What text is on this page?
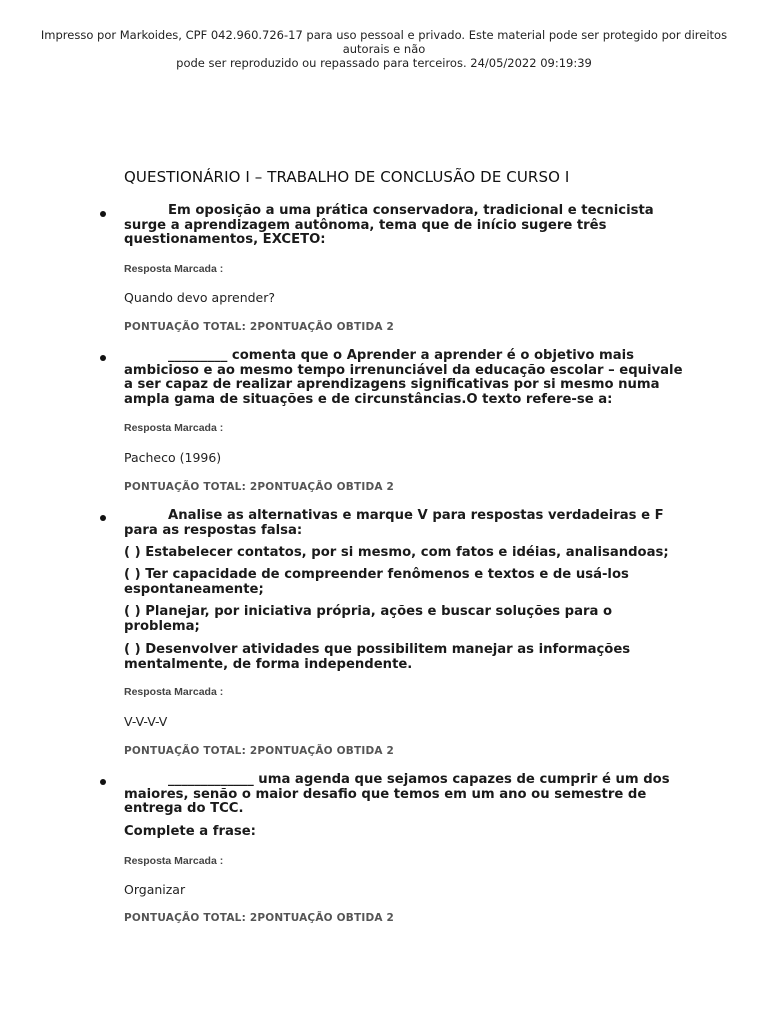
Impresso por Markoides, CPF 042.960.726-17 para uso pessoal e privado. Este material pode ser protegido por direitos autorais e não
pode ser reproduzido ou repassado para terceiros. 24/05/2022 09:19:39
QUESTIONÁRIO I – TRABALHO DE CONCLUSÃO DE CURSO I
Em oposição a uma prática conservadora, tradicional e tecnicista surge a aprendizagem autônoma, tema que de início sugere três questionamentos, EXCETO:
Resposta Marcada :
Quando devo aprender?
PONTUAÇÃO TOTAL: 2PONTUAÇÃO OBTIDA 2
_________ comenta que o Aprender a aprender é o objetivo mais ambicioso e ao mesmo tempo irrenunciável da educação escolar – equivale a ser capaz de realizar aprendizagens significativas por si mesmo numa ampla gama de situações e de circunstâncias.O texto refere-se a:
Resposta Marcada :
Pacheco (1996)
PONTUAÇÃO TOTAL: 2PONTUAÇÃO OBTIDA 2
Analise as alternativas e marque V para respostas verdadeiras e F para as respostas falsa:
( ) Estabelecer contatos, por si mesmo, com fatos e idéias, analisandoas;
( ) Ter capacidade de compreender fenômenos e textos e de usá-los espontaneamente;
( ) Planejar, por iniciativa própria, ações e buscar soluções para o problema;
( ) Desenvolver atividades que possibilitem manejar as informações mentalmente, de forma independente.
Resposta Marcada :
V-V-V-V
PONTUAÇÃO TOTAL: 2PONTUAÇÃO OBTIDA 2
_____________ uma agenda que sejamos capazes de cumprir é um dos maiores, senão o maior desafio que temos em um ano ou semestre de entrega do TCC.
Complete a frase:
Resposta Marcada :
Organizar
PONTUAÇÃO TOTAL: 2PONTUAÇÃO OBTIDA 2
